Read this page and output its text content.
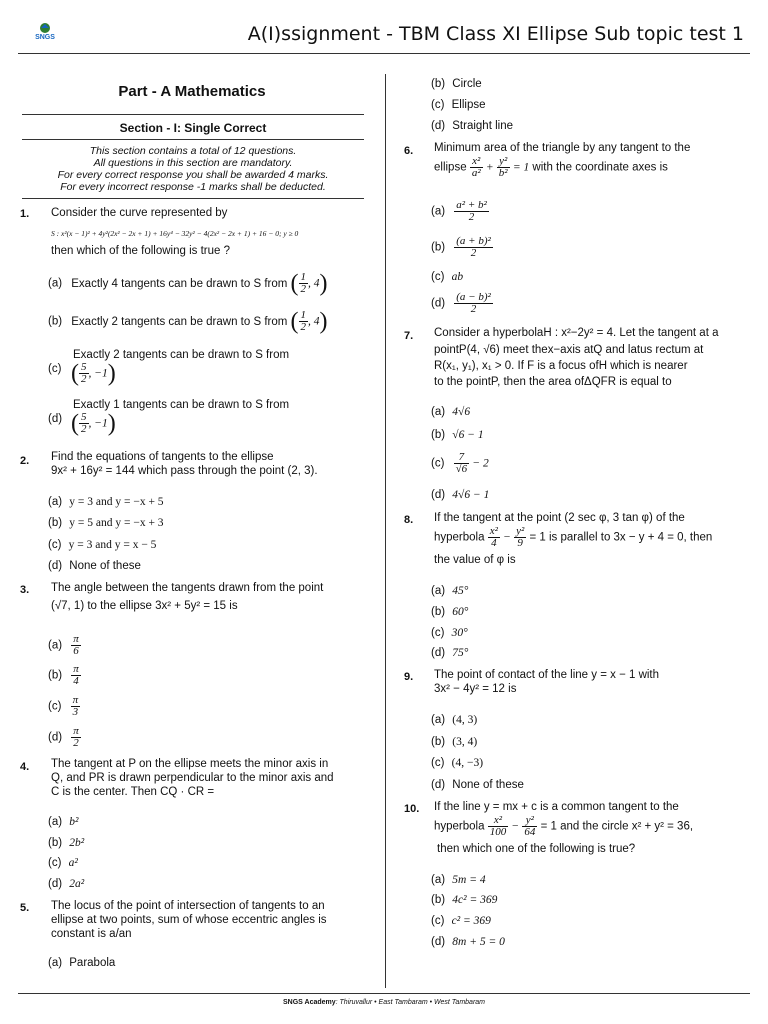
SNGS	A(I)ssignment - TBM Class XI Ellipse Sub topic test 1
Part - A Mathematics
Section - I: Single Correct
This section contains a total of 12 questions.
All questions in this section are mandatory.
For every correct response you shall be awarded 4 marks.
For every incorrect response -1 marks shall be deducted.
1. Consider the curve represented by
S : x²(x − 1)² + 4y²(2x² − 2x + 1) + 16y⁴ − 32y² − 4(2x² − 2x + 1) + 16 − 0; y ≥ 0
then which of the following is true ?
(a) Exactly 4 tangents can be drawn to S from ( $\frac{1}{2}$ , 4)
(b) Exactly 2 tangents can be drawn to S from ( $\frac{1}{2}$ , 4)
(c)
Exactly 2 tangents can be drawn to S from
( $\frac{5}{2}$ , −1)
(d)
Exactly 1 tangents can be drawn to S from
( $\frac{5}{2}$ , −1)
2. Find the equations of tangents to the ellipse
9x² + 16y² = 144 which pass through the point (2, 3).
(a) y = 3 and y = −x + 5
(b) y = 5 and y = −x + 3
(c) y = 3 and y = x − 5
(d) None of these
3. The angle between the tangents drawn from the point
(√7, 1) to the ellipse 3x² + 5y² = 15 is
$(a) \frac{\pi}{6}$
$(b) \frac{\pi}{4}$
$(c) \frac{\pi}{3}$
$(d) \frac{\pi}{2}$
4. The tangent at P on the ellipse meets the minor axis in
Q, and PR is drawn perpendicular to the minor axis and
C is the center. Then CQ · CR =
(a) b²
(b) 2b²
(c) a²
(d) 2a²
5. The locus of the point of intersection of tangents to an
ellipse at two points, sum of whose eccentric angles is
constant is a/an
(a) Parabola
(b) Circle
(c) Ellipse
(d) Straight line
6. Minimum area of the triangle by any tangent to the
ellipse $\frac{\text{x²}}{\text{a²}} + \frac{\text{y²}}{\text{b²}} = 1$ with the coordinate axes is
$(a) \frac{\text{a² + b²}}{2}$
$(b) \frac{\text{(a + b)²}}{2}$
(c) ab
$(d) \frac{\text{(a − b)²}}{2}$
7. Consider a hyperbolaH : x²−2y² = 4. Let the tangent at a
pointP(4, √6) meet thex−axis atQ and latus rectum at
R(x₁, y₁), x₁ > 0. If F is a focus ofH which is nearer
to the pointP, then the area ofΔQFR is equal to
(a) 4√6
(b) √6 − 1
$(c) \frac{7}{√6} - 2$
(d) 4√6 − 1
8. If the tangent at the point (2 sec φ, 3 tan φ) of the
hyperbola $\frac{\text{x²}}{4} - \frac{\text{y²}}{9} = 1$ is parallel to 3x − y + 4 = 0, then
the value of φ is
(a) 45°
(b) 60°
(c) 30°
(d) 75°
9. The point of contact of the line y = x − 1 with
3x² − 4y² = 12 is
(a) (4, 3)
(b) (3, 4)
(c) (4, −3)
(d) None of these
10. If the line y = mx + c is a common tangent to the
hyperbola $\frac{\text{x²}}{100} - \frac{\text{y²}}{64} = 1$ and the circle x² + y² = 36,
then which one of the following is true?
(a) 5m = 4
(b) 4c² = 369
(c) c² = 369
(d) 8m + 5 = 0
SNGS Academy: Thiruvallur • East Tambaram • West Tambaram
